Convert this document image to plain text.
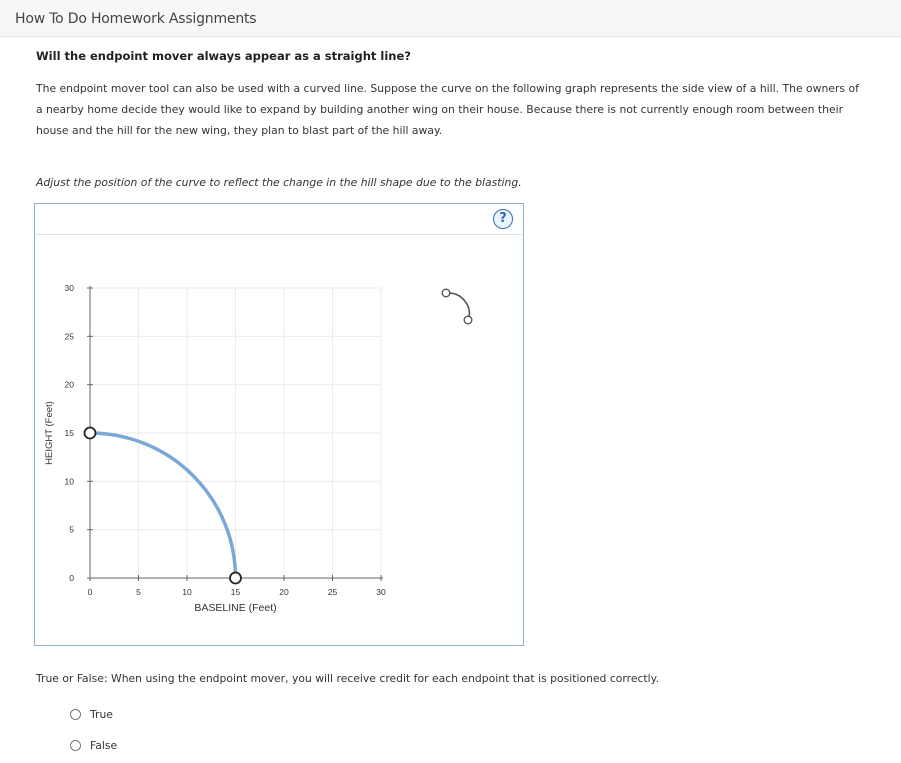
How To Do Homework Assignments
Will the endpoint mover always appear as a straight line?
The endpoint mover tool can also be used with a curved line. Suppose the curve on the following graph represents the side view of a hill. The owners of a nearby home decide they would like to expand by building another wing on their house. Because there is not currently enough room between their house and the hill for the new wing, they plan to blast part of the hill away.
Adjust the position of the curve to reflect the change in the hill shape due to the blasting.
?
0	5	10	15	20	25	30
0
5
10
15
20
25
30
HEIGHT (Feet)
BASELINE (Feet)
True or False: When using the endpoint mover, you will receive credit for each endpoint that is positioned correctly.
True
False
